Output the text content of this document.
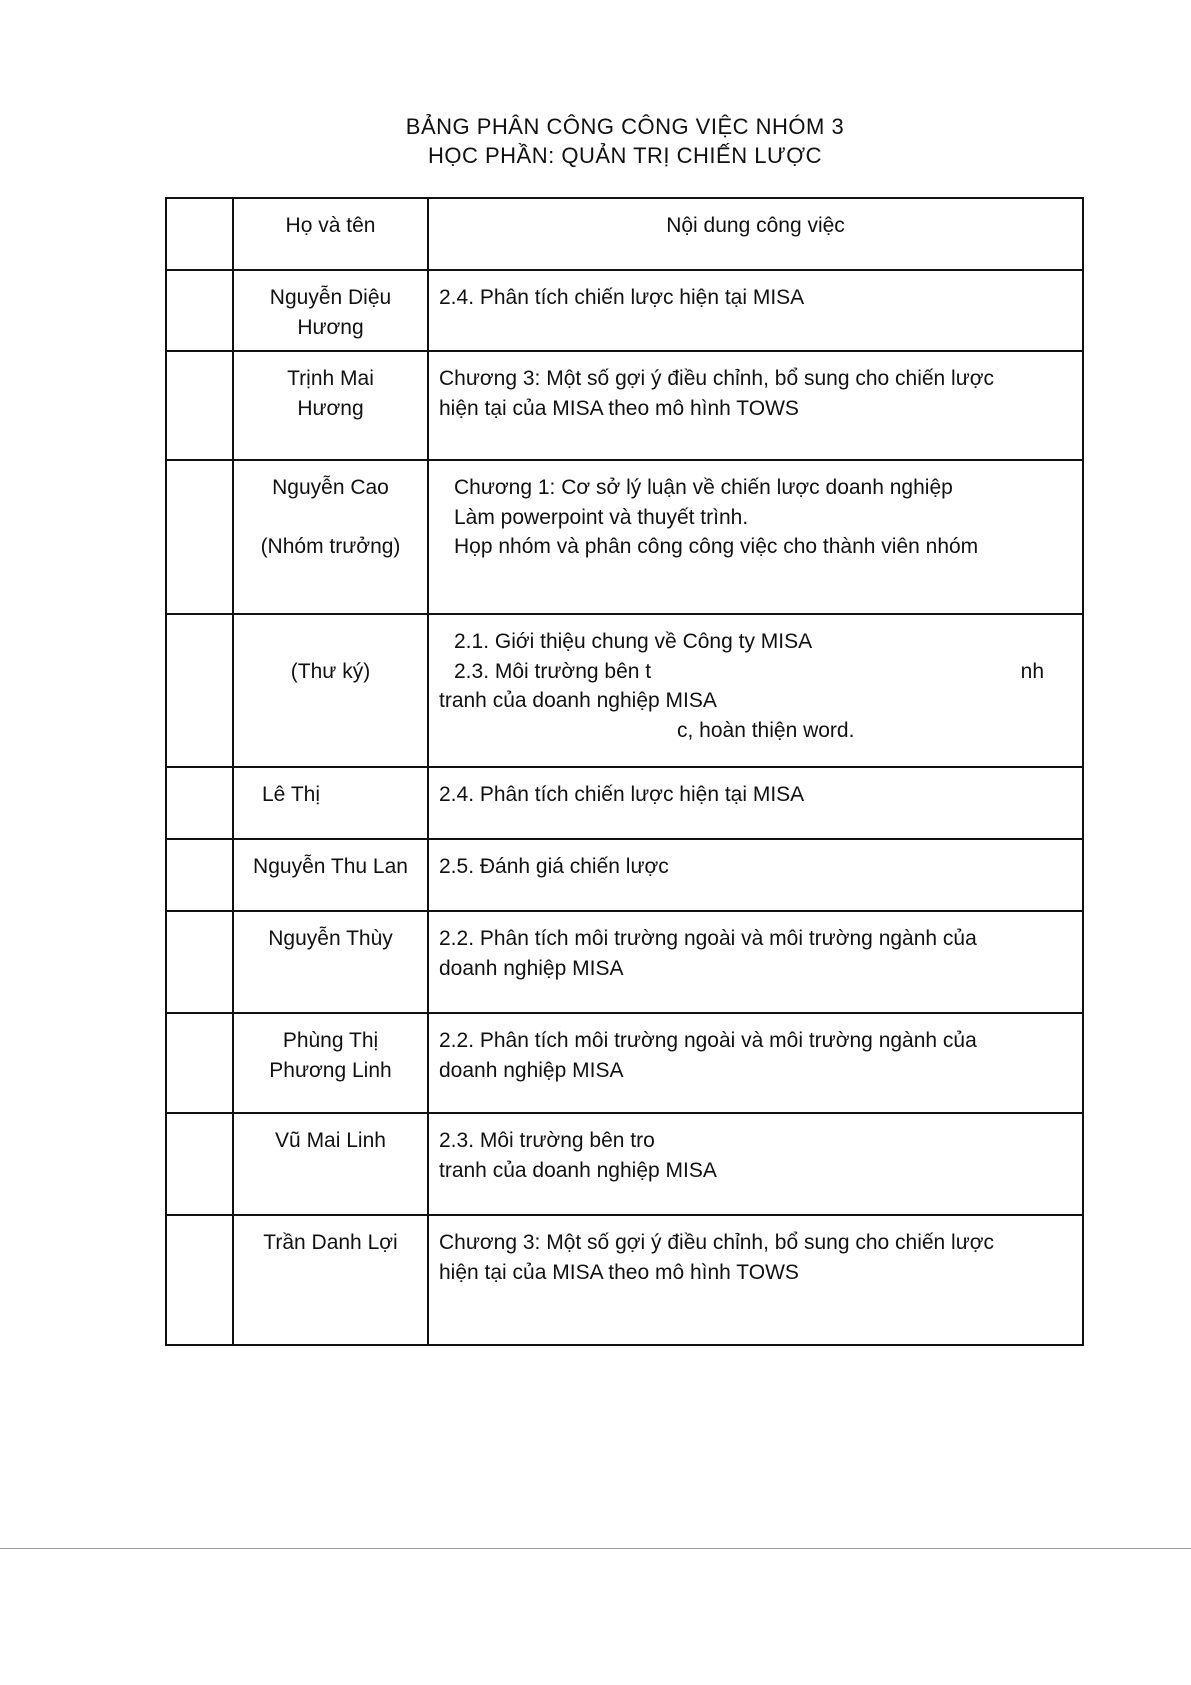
BẢNG PHÂN CÔNG CÔNG VIỆC NHÓM 3
HỌC PHẦN: QUẢN TRỊ CHIẾN LƯỢC
	Họ và tên	Nội dung công việc

	Nguyễn Diệu
Hương	2.4. Phân tích chiến lược hiện tại MISA

	Trịnh Mai
Hương	Chương 3: Một số gợi ý điều chỉnh, bổ sung cho chiến lược
hiện tại của MISA theo mô hình TOWS

	Nguyễn Cao

(Nhóm trưởng)	Chương 1: Cơ sở lý luận về chiến lược doanh nghiệp
Làm powerpoint và thuyết trình.
Họp nhóm và phân công công việc cho thành viên nhóm

	(Thư ký)	2.1. Giới thiệu chung về Công ty MISA
2.3. Môi trường bên t nh
tranh của doanh nghiệp MISA
c, hoàn thiện word.

	Lê Thị	2.4. Phân tích chiến lược hiện tại MISA

	Nguyễn Thu Lan	2.5. Đánh giá chiến lược

	Nguyễn Thùy	2.2. Phân tích môi trường ngoài và môi trường ngành của
doanh nghiệp MISA

	Phùng Thị
Phương Linh	2.2. Phân tích môi trường ngoài và môi trường ngành của
doanh nghiệp MISA

	Vũ Mai Linh	2.3. Môi trường bên tro
tranh của doanh nghiệp MISA

	Trần Danh Lợi	Chương 3: Một số gợi ý điều chỉnh, bổ sung cho chiến lược
hiện tại của MISA theo mô hình TOWS
